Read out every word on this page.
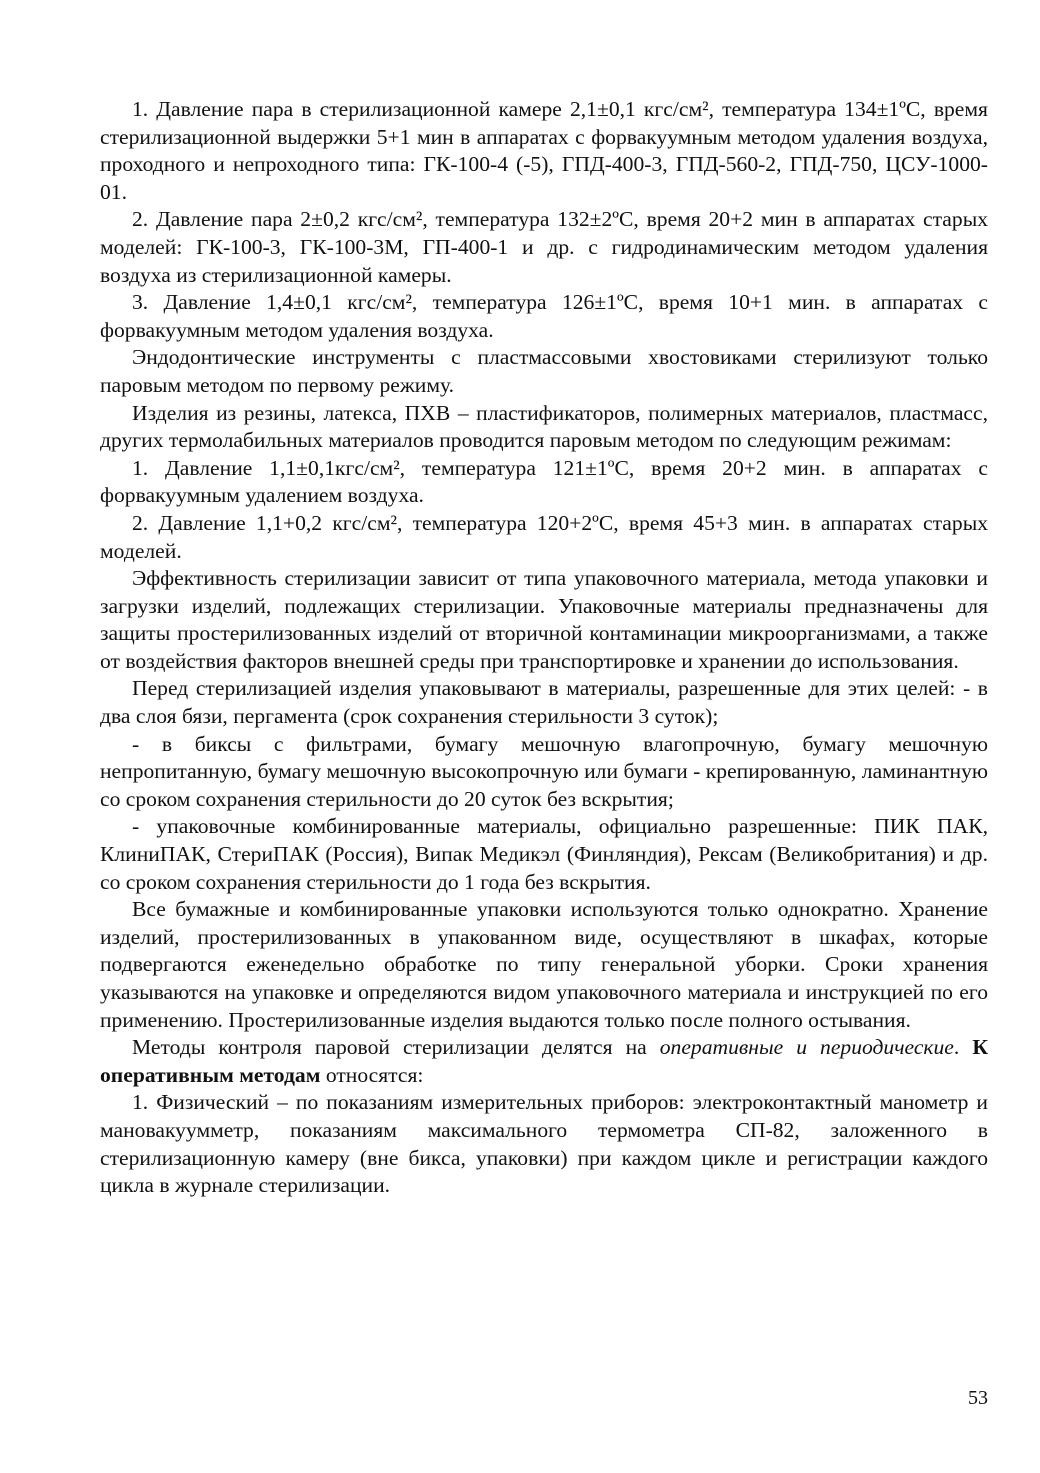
1. Давление пара в стерилизационной камере 2,1±0,1 кгс/см², температура 134±1ºС, время стерилизационной выдержки 5+1 мин в аппаратах с форвакуумным методом удаления воздуха, проходного и непроходного типа: ГК-100-4 (-5), ГПД-400-3, ГПД-560-2, ГПД-750, ЦСУ-1000-01.

2. Давление пара 2±0,2 кгс/см², температура 132±2ºС, время 20+2 мин в аппаратах старых моделей: ГК-100-3, ГК-100-3М, ГП-400-1 и др. с гидродинамическим методом удаления воздуха из стерилизационной камеры.

3. Давление 1,4±0,1 кгс/см², температура 126±1ºС, время 10+1 мин. в аппаратах с форвакуумным методом удаления воздуха.

Эндодонтические инструменты с пластмассовыми хвостовиками стерилизуют только паровым методом по первому режиму.

Изделия из резины, латекса, ПХВ – пластификаторов, полимерных материалов, пластмасс, других термолабильных материалов проводится паровым методом по следующим режимам:

1. Давление 1,1±0,1кгс/см², температура 121±1ºС, время 20+2 мин. в аппаратах с форвакуумным удалением воздуха.

2. Давление 1,1+0,2 кгс/см², температура 120+2ºС, время 45+3 мин. в аппаратах старых моделей.

Эффективность стерилизации зависит от типа упаковочного материала, метода упаковки и загрузки изделий, подлежащих стерилизации. Упаковочные материалы предназначены для защиты простерилизованных изделий от вторичной контаминации микроорганизмами, а также от воздействия факторов внешней среды при транспортировке и хранении до использования.

Перед стерилизацией изделия упаковывают в материалы, разрешенные для этих целей: - в два слоя бязи, пергамента (срок сохранения стерильности 3 суток);

- в биксы с фильтрами, бумагу мешочную влагопрочную, бумагу мешочную непропитанную, бумагу мешочную высокопрочную или бумаги - крепированную, ламинантную со сроком сохранения стерильности до 20 суток без вскрытия;

- упаковочные комбинированные материалы, официально разрешенные: ПИК ПАК, КлиниПАК, СтериПАК (Россия), Випак Медикэл (Финляндия), Рексам (Великобритания) и др. со сроком сохранения стерильности до 1 года без вскрытия.

Все бумажные и комбинированные упаковки используются только однократно. Хранение изделий, простерилизованных в упакованном виде, осуществляют в шкафах, которые подвергаются еженедельно обработке по типу генеральной уборки. Сроки хранения указываются на упаковке и определяются видом упаковочного материала и инструкцией по его применению. Простерилизованные изделия выдаются только после полного остывания.

Методы контроля паровой стерилизации делятся на оперативные и периодические. К оперативным методам относятся:

1. Физический – по показаниям измерительных приборов: электроконтактный манометр и мановакуумметр, показаниям максимального термометра СП-82, заложенного в стерилизационную камеру (вне бикса, упаковки) при каждом цикле и регистрации каждого цикла в журнале стерилизации.

53
